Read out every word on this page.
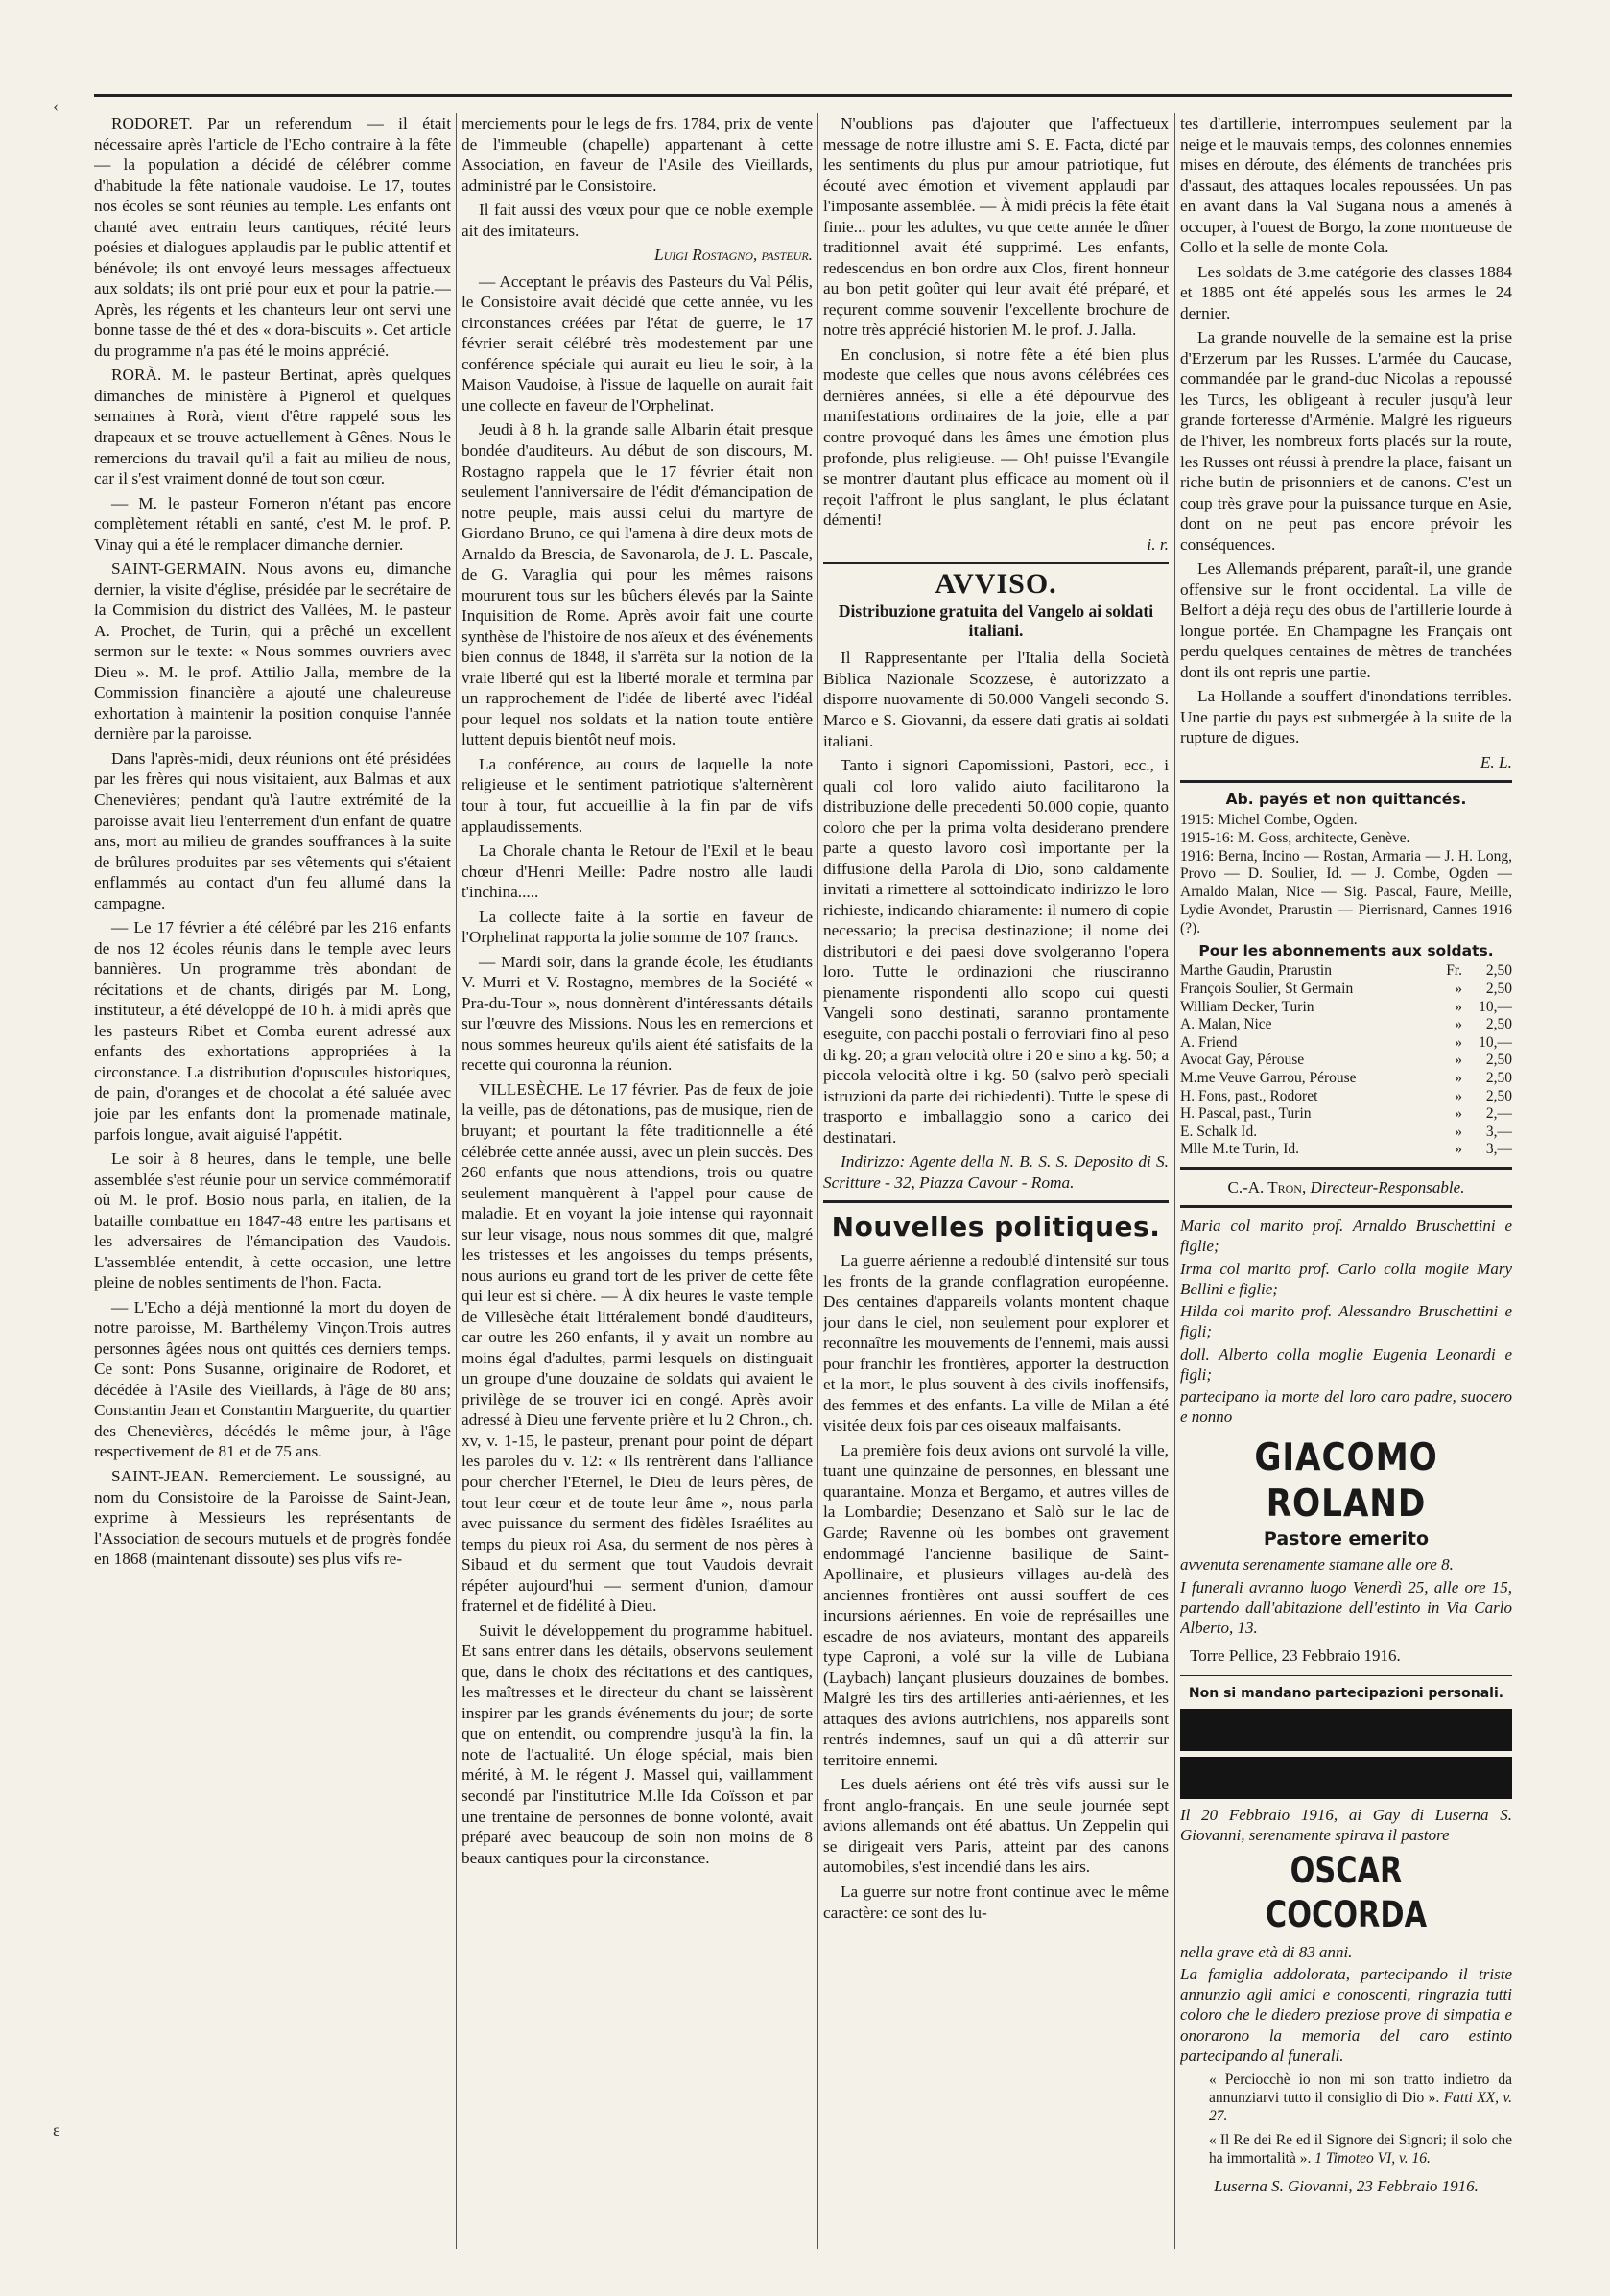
‹
ε

RODORET. Par un referendum — il était nécessaire après l'article de l'Echo contraire à la fête — la population a décidé de célébrer comme d'habitude la fête nationale vaudoise. Le 17, toutes nos écoles se sont réunies au temple. Les enfants ont chanté avec entrain leurs cantiques, récité leurs poésies et dialogues applaudis par le public attentif et bénévole; ils ont envoyé leurs messages affectueux aux soldats; ils ont prié pour eux et pour la patrie.— Après, les régents et les chanteurs leur ont servi une bonne tasse de thé et des « dora-biscuits ». Cet article du programme n'a pas été le moins apprécié.

RORÀ. M. le pasteur Bertinat, après quelques dimanches de ministère à Pignerol et quelques semaines à Rorà, vient d'être rappelé sous les drapeaux et se trouve actuellement à Gênes. Nous le remercions du travail qu'il a fait au milieu de nous, car il s'est vraiment donné de tout son cœur.

— M. le pasteur Forneron n'étant pas encore complètement rétabli en santé, c'est M. le prof. P. Vinay qui a été le remplacer dimanche dernier.

SAINT-GERMAIN. Nous avons eu, dimanche dernier, la visite d'église, présidée par le secrétaire de la Commision du district des Vallées, M. le pasteur A. Prochet, de Turin, qui a prêché un excellent sermon sur le texte: « Nous sommes ouvriers avec Dieu ». M. le prof. Attilio Jalla, membre de la Commission financière a ajouté une chaleureuse exhortation à maintenir la position conquise l'année dernière par la paroisse.

Dans l'après-midi, deux réunions ont été présidées par les frères qui nous visitaient, aux Balmas et aux Chenevières; pendant qu'à l'autre extrémité de la paroisse avait lieu l'enterrement d'un enfant de quatre ans, mort au milieu de grandes souffrances à la suite de brûlures produites par ses vêtements qui s'étaient enflammés au contact d'un feu allumé dans la campagne.

— Le 17 février a été célébré par les 216 enfants de nos 12 écoles réunis dans le temple avec leurs bannières. Un programme très abondant de récitations et de chants, dirigés par M. Long, instituteur, a été développé de 10 h. à midi après que les pasteurs Ribet et Comba eurent adressé aux enfants des exhortations appropriées à la circonstance. La distribution d'opuscules historiques, de pain, d'oranges et de chocolat a été saluée avec joie par les enfants dont la promenade matinale, parfois longue, avait aiguisé l'appétit.

Le soir à 8 heures, dans le temple, une belle assemblée s'est réunie pour un service commémoratif où M. le prof. Bosio nous parla, en italien, de la bataille combattue en 1847-48 entre les partisans et les adversaires de l'émancipation des Vaudois. L'assemblée entendit, à cette occasion, une lettre pleine de nobles sentiments de l'hon. Facta.

— L'Echo a déjà mentionné la mort du doyen de notre paroisse, M. Barthélemy Vinçon.Trois autres personnes âgées nous ont quittés ces derniers temps. Ce sont: Pons Susanne, originaire de Rodoret, et décédée à l'Asile des Vieillards, à l'âge de 80 ans; Constantin Jean et Constantin Marguerite, du quartier des Chenevières, décédés le même jour, à l'âge respectivement de 81 et de 75 ans.

SAINT-JEAN. Remerciement. Le soussigné, au nom du Consistoire de la Paroisse de Saint-Jean, exprime à Messieurs les représentants de l'Association de secours mutuels et de progrès fondée en 1868 (maintenant dissoute) ses plus vifs re-

merciements pour le legs de frs. 1784, prix de vente de l'immeuble (chapelle) appartenant à cette Association, en faveur de l'Asile des Vieillards, administré par le Consistoire.

Il fait aussi des vœux pour que ce noble exemple ait des imitateurs.

Luigi Rostagno, pasteur.

— Acceptant le préavis des Pasteurs du Val Pélis, le Consistoire avait décidé que cette année, vu les circonstances créées par l'état de guerre, le 17 février serait célébré très modestement par une conférence spéciale qui aurait eu lieu le soir, à la Maison Vaudoise, à l'issue de laquelle on aurait fait une collecte en faveur de l'Orphelinat.

Jeudi à 8 h. la grande salle Albarin était presque bondée d'auditeurs. Au début de son discours, M. Rostagno rappela que le 17 février était non seulement l'anniversaire de l'édit d'émancipation de notre peuple, mais aussi celui du martyre de Giordano Bruno, ce qui l'amena à dire deux mots de Arnaldo da Brescia, de Savonarola, de J. L. Pascale, de G. Varaglia qui pour les mêmes raisons moururent tous sur les bûchers élevés par la Sainte Inquisition de Rome. Après avoir fait une courte synthèse de l'histoire de nos aïeux et des événements bien connus de 1848, il s'arrêta sur la notion de la vraie liberté qui est la liberté morale et termina par un rapprochement de l'idée de liberté avec l'idéal pour lequel nos soldats et la nation toute entière luttent depuis bientôt neuf mois.

La conférence, au cours de laquelle la note religieuse et le sentiment patriotique s'alternèrent tour à tour, fut accueillie à la fin par de vifs applaudissements.

La Chorale chanta le Retour de l'Exil et le beau chœur d'Henri Meille: Padre nostro alle laudi t'inchina.....

La collecte faite à la sortie en faveur de l'Orphelinat rapporta la jolie somme de 107 francs.

— Mardi soir, dans la grande école, les étudiants V. Murri et V. Rostagno, membres de la Société « Pra-du-Tour », nous donnèrent d'intéressants détails sur l'œuvre des Missions. Nous les en remercions et nous sommes heureux qu'ils aient été satisfaits de la recette qui couronna la réunion.

VILLESÈCHE. Le 17 février. Pas de feux de joie la veille, pas de détonations, pas de musique, rien de bruyant; et pourtant la fête traditionnelle a été célébrée cette année aussi, avec un plein succès. Des 260 enfants que nous attendions, trois ou quatre seulement manquèrent à l'appel pour cause de maladie. Et en voyant la joie intense qui rayonnait sur leur visage, nous nous sommes dit que, malgré les tristesses et les angoisses du temps présents, nous aurions eu grand tort de les priver de cette fête qui leur est si chère. — À dix heures le vaste temple de Villesèche était littéralement bondé d'auditeurs, car outre les 260 enfants, il y avait un nombre au moins égal d'adultes, parmi lesquels on distinguait un groupe d'une douzaine de soldats qui avaient le privilège de se trouver ici en congé. Après avoir adressé à Dieu une fervente prière et lu 2 Chron., ch. xv, v. 1-15, le pasteur, prenant pour point de départ les paroles du v. 12: « Ils rentrèrent dans l'alliance pour chercher l'Eternel, le Dieu de leurs pères, de tout leur cœur et de toute leur âme », nous parla avec puissance du serment des fidèles Israélites au temps du pieux roi Asa, du serment de nos pères à Sibaud et du serment que tout Vaudois devrait répéter aujourd'hui — serment d'union, d'amour fraternel et de fidélité à Dieu.

Suivit le développement du programme habituel. Et sans entrer dans les détails, observons seulement que, dans le choix des récitations et des cantiques, les maîtresses et le directeur du chant se laissèrent inspirer par les grands événements du jour; de sorte que on entendit, ou comprendre jusqu'à la fin, la note de l'actualité. Un éloge spécial, mais bien mérité, à M. le régent J. Massel qui, vaillamment secondé par l'institutrice M.lle Ida Coïsson et par une trentaine de personnes de bonne volonté, avait préparé avec beaucoup de soin non moins de 8 beaux cantiques pour la circonstance.

N'oublions pas d'ajouter que l'affectueux message de notre illustre ami S. E. Facta, dicté par les sentiments du plus pur amour patriotique, fut écouté avec émotion et vivement applaudi par l'imposante assemblée. — À midi précis la fête était finie... pour les adultes, vu que cette année le dîner traditionnel avait été supprimé. Les enfants, redescendus en bon ordre aux Clos, firent honneur au bon petit goûter qui leur avait été préparé, et reçurent comme souvenir l'excellente brochure de notre très apprécié historien M. le prof. J. Jalla.

En conclusion, si notre fête a été bien plus modeste que celles que nous avons célébrées ces dernières années, si elle a été dépourvue des manifestations ordinaires de la joie, elle a par contre provoqué dans les âmes une émotion plus profonde, plus religieuse. — Oh! puisse l'Evangile se montrer d'autant plus efficace au moment où il reçoit l'affront le plus sanglant, le plus éclatant démenti!

i. r.

AVVISO.
Distribuzione gratuita del Vangelo ai soldati italiani.

Il Rappresentante per l'Italia della Società Biblica Nazionale Scozzese, è autorizzato a disporre nuovamente di 50.000 Vangeli secondo S. Marco e S. Giovanni, da essere dati gratis ai soldati italiani.

Tanto i signori Capomissioni, Pastori, ecc., i quali col loro valido aiuto facilitarono la distribuzione delle precedenti 50.000 copie, quanto coloro che per la prima volta desiderano prendere parte a questo lavoro così importante per la diffusione della Parola di Dio, sono caldamente invitati a rimettere al sottoindicato indirizzo le loro richieste, indicando chiaramente: il numero di copie necessario; la precisa destinazione; il nome dei distributori e dei paesi dove svolgeranno l'opera loro. Tutte le ordinazioni che riusciranno pienamente rispondenti allo scopo cui questi Vangeli sono destinati, saranno prontamente eseguite, con pacchi postali o ferroviari fino al peso di kg. 20; a gran velocità oltre i 20 e sino a kg. 50; a piccola velocità oltre i kg. 50 (salvo però speciali istruzioni da parte dei richiedenti). Tutte le spese di trasporto e imballaggio sono a carico dei destinatari.

Indirizzo: Agente della N. B. S. S. Deposito di S. Scritture - 32, Piazza Cavour - Roma.

Nouvelles politiques.

La guerre aérienne a redoublé d'intensité sur tous les fronts de la grande conflagration européenne. Des centaines d'appareils volants montent chaque jour dans le ciel, non seulement pour explorer et reconnaître les mouvements de l'ennemi, mais aussi pour franchir les frontières, apporter la destruction et la mort, le plus souvent à des civils inoffensifs, des femmes et des enfants. La ville de Milan a été visitée deux fois par ces oiseaux malfaisants.

La première fois deux avions ont survolé la ville, tuant une quinzaine de personnes, en blessant une quarantaine. Monza et Bergamo, et autres villes de la Lombardie; Desenzano et Salò sur le lac de Garde; Ravenne où les bombes ont gravement endommagé l'ancienne basilique de Saint-Apollinaire, et plusieurs villages au-delà des anciennes frontières ont aussi souffert de ces incursions aériennes. En voie de représailles une escadre de nos aviateurs, montant des appareils type Caproni, a volé sur la ville de Lubiana (Laybach) lançant plusieurs douzaines de bombes. Malgré les tirs des artilleries anti-aériennes, et les attaques des avions autrichiens, nos appareils sont rentrés indemnes, sauf un qui a dû atterrir sur territoire ennemi.

Les duels aériens ont été très vifs aussi sur le front anglo-français. En une seule journée sept avions allemands ont été abattus. Un Zeppelin qui se dirigeait vers Paris, atteint par des canons automobiles, s'est incendié dans les airs.

La guerre sur notre front continue avec le même caractère: ce sont des lu-

tes d'artillerie, interrompues seulement par la neige et le mauvais temps, des colonnes ennemies mises en déroute, des éléments de tranchées pris d'assaut, des attaques locales repoussées. Un pas en avant dans la Val Sugana nous a amenés à occuper, à l'ouest de Borgo, la zone montueuse de Collo et la selle de monte Cola.

Les soldats de 3.me catégorie des classes 1884 et 1885 ont été appelés sous les armes le 24 dernier.

La grande nouvelle de la semaine est la prise d'Erzerum par les Russes. L'armée du Caucase, commandée par le grand-duc Nicolas a repoussé les Turcs, les obligeant à reculer jusqu'à leur grande forteresse d'Arménie. Malgré les rigueurs de l'hiver, les nombreux forts placés sur la route, les Russes ont réussi à prendre la place, faisant un riche butin de prisonniers et de canons. C'est un coup très grave pour la puissance turque en Asie, dont on ne peut pas encore prévoir les conséquences.

Les Allemands préparent, paraît-il, une grande offensive sur le front occidental. La ville de Belfort a déjà reçu des obus de l'artillerie lourde à longue portée. En Champagne les Français ont perdu quelques centaines de mètres de tranchées dont ils ont repris une partie.

La Hollande a souffert d'inondations terribles. Une partie du pays est submergée à la suite de la rupture de digues.

E. L.

Ab. payés et non quittancés.

1915: Michel Combe, Ogden.

1915-16: M. Goss, architecte, Genève.

1916: Berna, Incino — Rostan, Armaria — J. H. Long, Provo — D. Soulier, Id. — J. Combe, Ogden — Arnaldo Malan, Nice — Sig. Pascal, Faure, Meille, Lydie Avondet, Prarustin — Pierrisnard, Cannes 1916 (?).

Pour les abonnements aux soldats.
Marthe Gaudin, Prarustin	Fr.	2,50
François Soulier, St Germain	»	2,50
William Decker, Turin	»	10,—
A. Malan, Nice	»	2,50
A. Friend	»	10,—
Avocat Gay, Pérouse	»	2,50
M.me Veuve Garrou, Pérouse	»	2,50
H. Fons, past., Rodoret	»	2,50
H. Pascal, past., Turin	»	2,—
E. Schalk Id.	»	3,—
Mlle M.te Turin, Id.	»	3,—
C.-A. Tron, Directeur-Responsable.

Maria col marito prof. Arnaldo Bruschettini e figlie;

Irma col marito prof. Carlo colla moglie Mary Bellini e figlie;

Hilda col marito prof. Alessandro Bruschettini e figli;

doll. Alberto colla moglie Eugenia Leonardi e figli;

partecipano la morte del loro caro padre, suocero e nonno

GIACOMO ROLAND
Pastore emerito

avvenuta serenamente stamane alle ore 8.

I funerali avranno luogo Venerdì 25, alle ore 15, partendo dall'abitazione dell'estinto in Via Carlo Alberto, 13.

Torre Pellice, 23 Febbraio 1916.

Non si mandano partecipazioni personali.

Il 20 Febbraio 1916, ai Gay di Luserna S. Giovanni, serenamente spirava il pastore

OSCAR COCORDA

nella grave età di 83 anni.

La famiglia addolorata, partecipando il triste annunzio agli amici e conoscenti, ringrazia tutti coloro che le diedero preziose prove di simpatia e onorarono la memoria del caro estinto partecipando al funerali.

« Perciocchè io non mi son tratto indietro da annunziarvi tutto il consiglio di Dio ». Fatti XX, v. 27.

« Il Re dei Re ed il Signore dei Signori; il solo che ha immortalità ». 1 Timoteo VI, v. 16.

Luserna S. Giovanni, 23 Febbraio 1916.
